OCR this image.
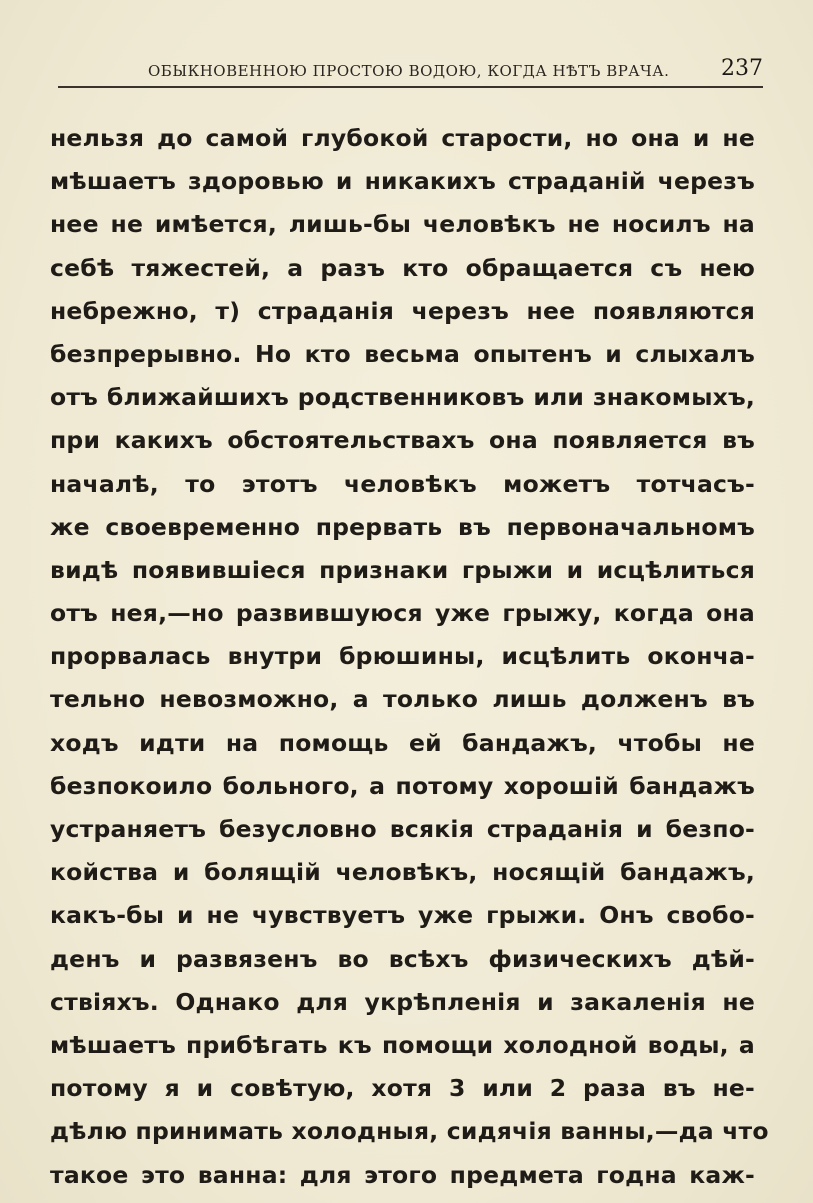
ОБЫКНОВЕННОЮ ПРОСТОЮ ВОДОЮ, КОГДА НѢТЪ ВРАЧА. 237
нельзя до самой глубокой старости, но она и не
мѣшаетъ здоровью и никакихъ страданій черезъ
нее не имѣется, лишь-бы человѣкъ не носилъ на
себѣ тяжестей, а разъ кто обращается съ нею
небрежно, т) страданія черезъ нее появляются
безпрерывно. Но кто весьма опытенъ и слыхалъ
отъ ближайшихъ родственниковъ или знакомыхъ,
при какихъ обстоятельствахъ она появляется въ
началѣ, то этотъ человѣкъ можетъ тотчасъ-
же своевременно прервать въ первоначальномъ
видѣ появившіеся признаки грыжи и исцѣлиться
отъ нея,—но развившуюся уже грыжу, когда она
прорвалась внутри брюшины, исцѣлить оконча-
тельно невозможно, а только лишь долженъ въ
ходъ идти на помощь ей бандажъ, чтобы не
безпокоило больного, а потому хорошій бандажъ
устраняетъ безусловно всякія страданія и безпо-
койства и болящій человѣкъ, носящій бандажъ,
какъ-бы и не чувствуетъ уже грыжи. Онъ свобо-
денъ и развязенъ во всѣхъ физическихъ дѣй-
ствіяхъ. Однако для укрѣпленія и закаленія не
мѣшаетъ прибѣгать къ помощи холодной воды, а
потому я и совѣтую, хотя 3 или 2 раза въ не-
дѣлю принимать холодныя, сидячія ванны,—да что
такое это ванна: для этого предмета годна каж-
